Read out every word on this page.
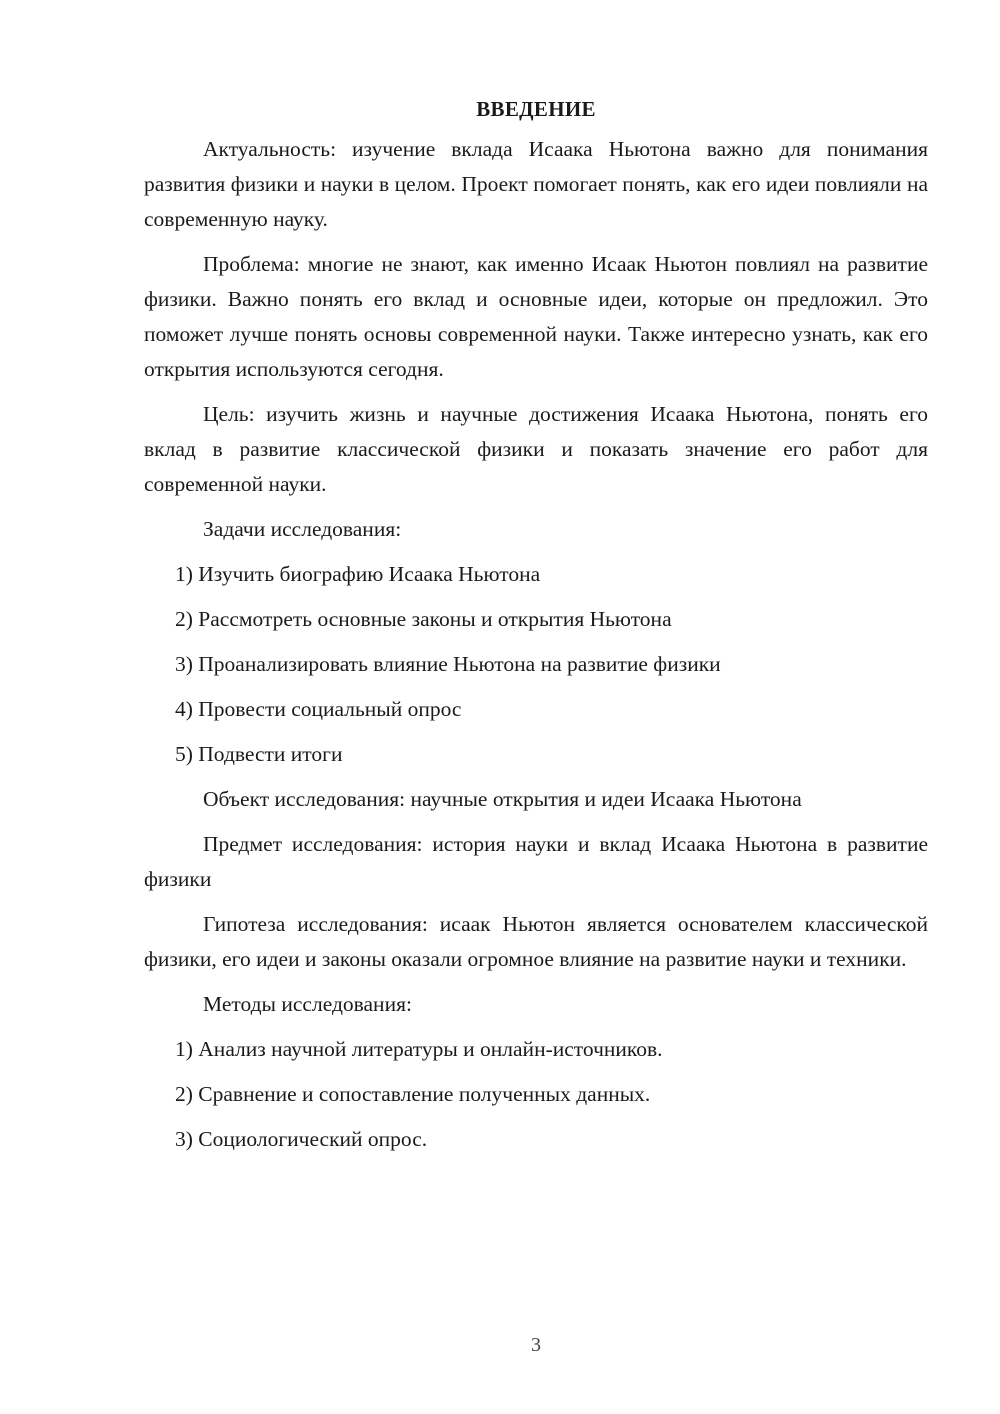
ВВЕДЕНИЕ

Актуальность: изучение вклада Исаака Ньютона важно для понимания развития физики и науки в целом. Проект помогает понять, как его идеи повлияли на современную науку.

Проблема: многие не знают, как именно Исаак Ньютон повлиял на развитие физики. Важно понять его вклад и основные идеи, которые он предложил. Это поможет лучше понять основы современной науки. Также интересно узнать, как его открытия используются сегодня.

Цель: изучить жизнь и научные достижения Исаака Ньютона, понять его вклад в развитие классической физики и показать значение его работ для современной науки.

Задачи исследования:
1) Изучить биографию Исаака Ньютона
2) Рассмотреть основные законы и открытия Ньютона
3) Проанализировать влияние Ньютона на развитие физики
4) Провести социальный опрос
5) Подвести итоги
Объект исследования: научные открытия и идеи Исаака Ньютона

Предмет исследования: история науки и вклад Исаака Ньютона в развитие физики

Гипотеза исследования: исаак Ньютон является основателем классической физики, его идеи и законы оказали огромное влияние на развитие науки и техники.

Методы исследования:
1) Анализ научной литературы и онлайн-источников.
2) Сравнение и сопоставление полученных данных.
3) Социологический опрос.
3
